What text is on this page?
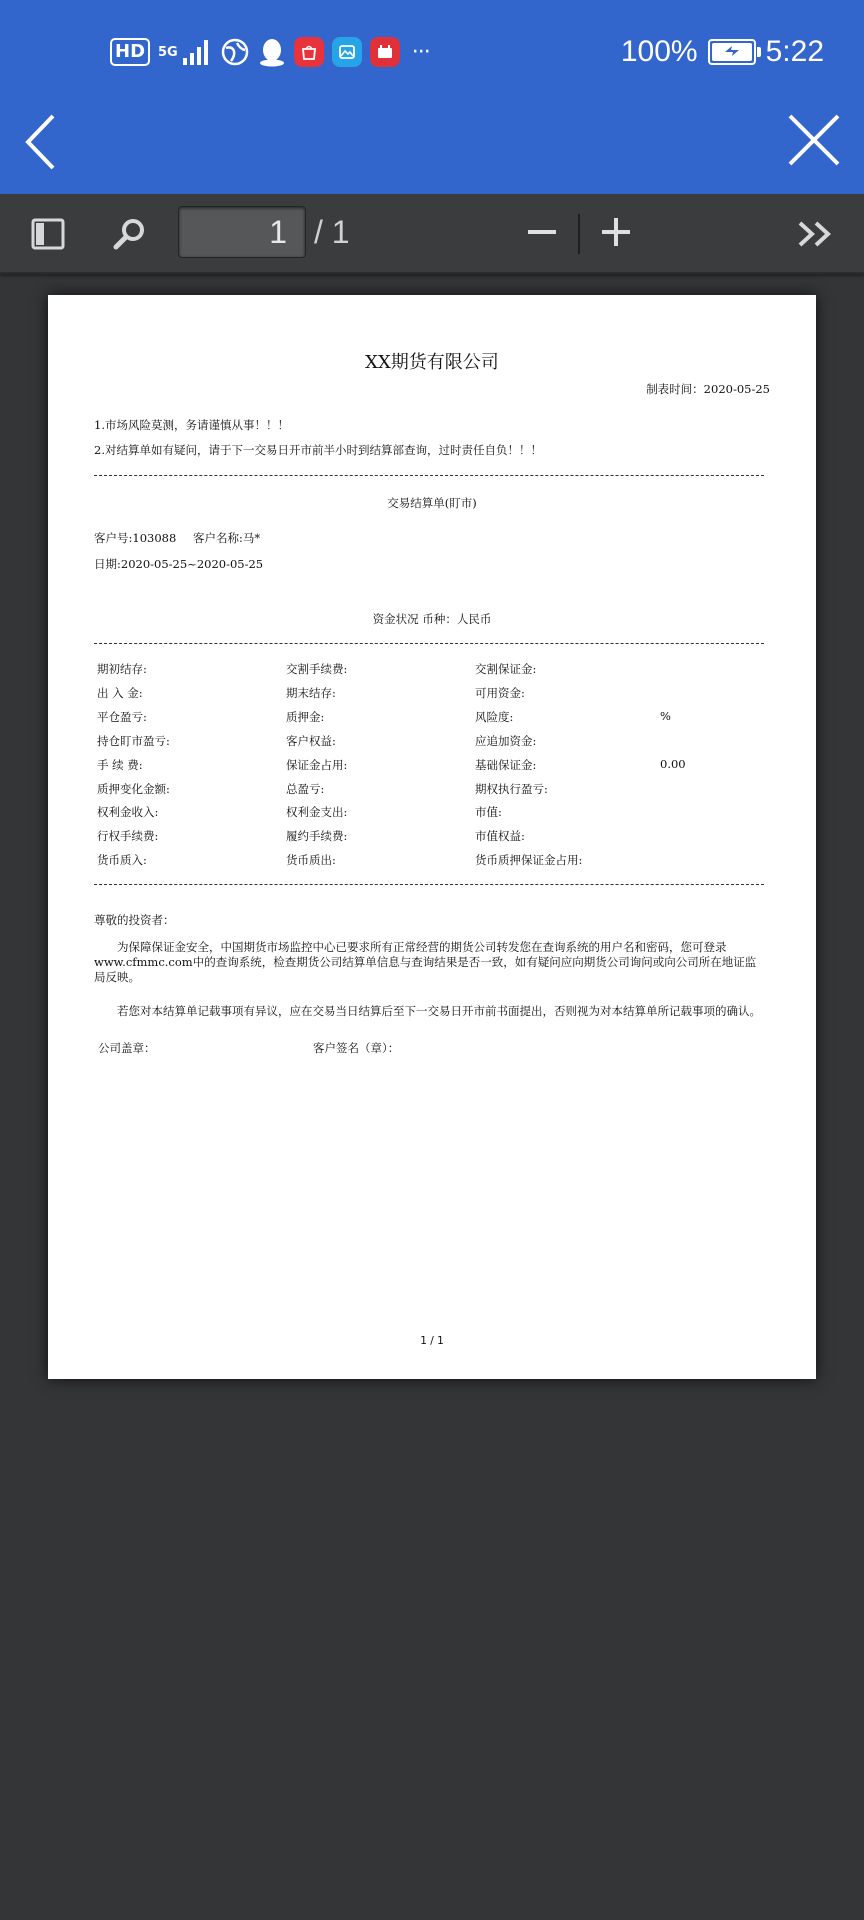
HD	5G	···	100% 5:22
1 / 1
XX期货有限公司
制表时间：2020-05-25
1.市场风险莫测，务请谨慎从事！！！
2.对结算单如有疑问，请于下一交易日开市前半小时到结算部查询，过时责任自负！！！
交易结算单(盯市)
客户号:103088 客户名称:马*
日期:2020-05-25~2020-05-25
资金状况 币种：人民币
尊敬的投资者：
为保障保证金安全，中国期货市场监控中心已要求所有正常经营的期货公司转发您在查询系统的用户名和密码，您可登录www.cfmmc.com中的查询系统，检查期货公司结算单信息与查询结果是否一致，如有疑问应向期货公司询问或向公司所在地证监局反映。
若您对本结算单记载事项有异议，应在交易当日结算后至下一交易日开市前书面提出，否则视为对本结算单所记载事项的确认。
公司盖章：	客户签名（章）：
1 / 1
期初结存:	交割手续费:	交割保证金:
出 入 金:	期末结存:	可用资金:
平仓盈亏:	质押金:	风险度:	%
持仓盯市盈亏:	客户权益:	应追加资金:
手 续 费:	保证金占用:	基础保证金:	0.00
质押变化金额:	总盈亏:	期权执行盈亏:
权利金收入:	权利金支出:	市值:
行权手续费:	履约手续费:	市值权益:
货币质入:	货币质出:	货币质押保证金占用:
